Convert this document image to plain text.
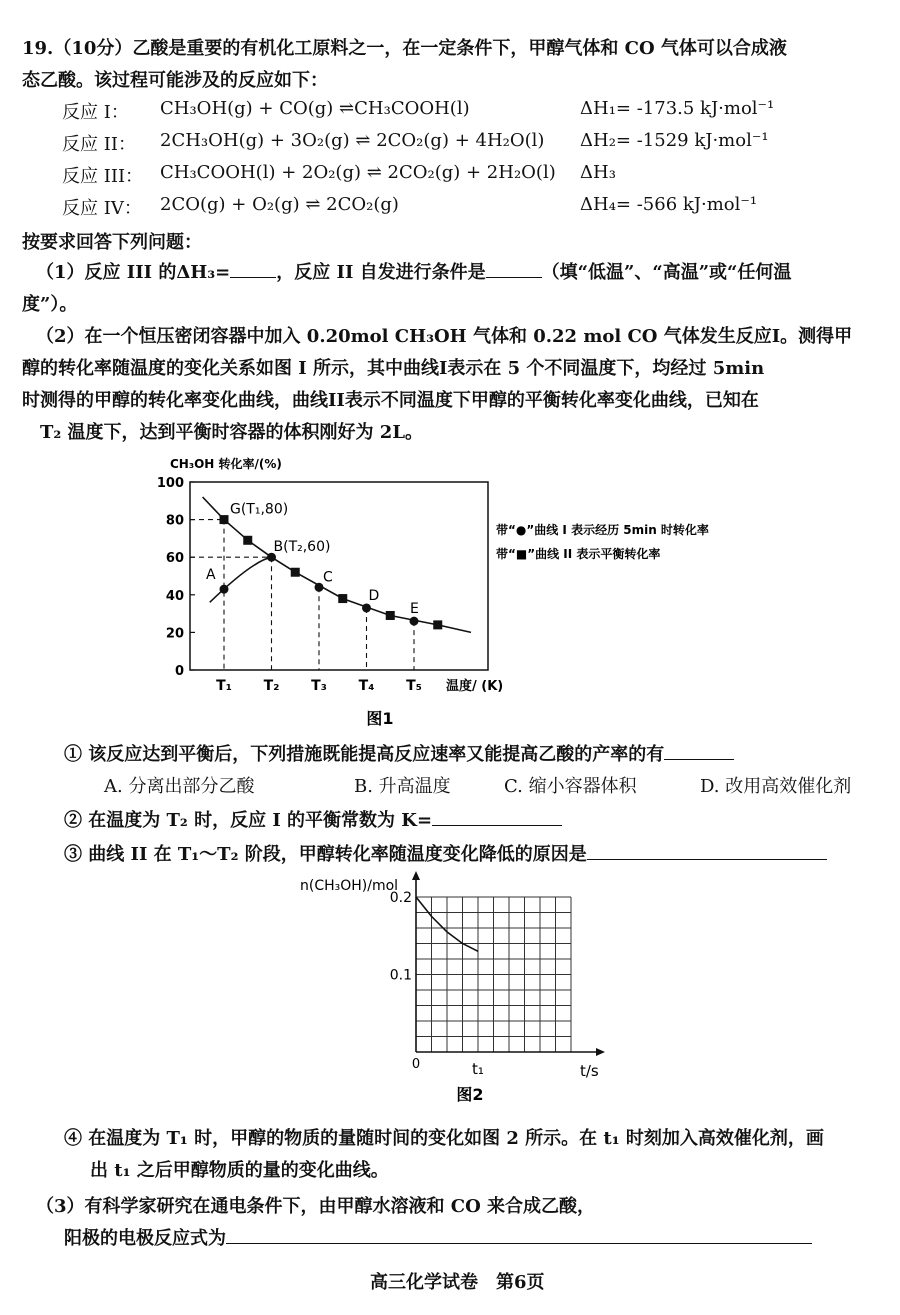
19.（10分）乙酸是重要的有机化工原料之一，在一定条件下，甲醇气体和 CO 气体可以合成液
态乙酸。该过程可能涉及的反应如下：
反应 I： CH₃OH(g) + CO(g) ⇌CH₃COOH(l)	ΔH₁= -173.5 kJ·mol⁻¹
反应 II： 2CH₃OH(g) + 3O₂(g) ⇌ 2CO₂(g) + 4H₂O(l) ΔH₂= -1529 kJ·mol⁻¹
反应 III： CH₃COOH(l) + 2O₂(g) ⇌ 2CO₂(g) + 2H₂O(l) ΔH₃
反应 IV： 2CO(g) + O₂(g) ⇌ 2CO₂(g)	ΔH₄= -566 kJ·mol⁻¹
按要求回答下列问题：
（1）反应 III 的ΔH₃=	，反应 II 自发进行条件是	（填“低温”、“高温”或“任何温
度”）。
（2）在一个恒压密闭容器中加入 0.20mol CH₃OH 气体和 0.22 mol CO 气体发生反应I。测得甲
醇的转化率随温度的变化关系如图 I 所示，其中曲线I表示在 5 个不同温度下，均经过 5min
时测得的甲醇的转化率变化曲线，曲线II表示不同温度下甲醇的平衡转化率变化曲线，已知在
T₂ 温度下，达到平衡时容器的体积刚好为 2L。
CH₃OH 转化率/(%)
温度/ (K)
0
20
40
60
80
100
T₁ T₂ T₃ T₄ T₅
A
B(T₂,60)
C
D
E
G(T₁,80)
带“●”曲线 I 表示经历 5min 时转化率
带“■”曲线 II 表示平衡转化率
图1
① 该反应达到平衡后，下列措施既能提高反应速率又能提高乙酸的产率的有
A. 分离出部分乙酸	B. 升高温度	C. 缩小容器体积	D. 改用高效催化剂
② 在温度为 T₂ 时，反应 I 的平衡常数为 K=
③ 曲线 II 在 T₁～T₂ 阶段，甲醇转化率随温度变化降低的原因是
n(CH₃OH)/mol
t/s
0.1
0.2
0	t₁
图2
④ 在温度为 T₁ 时，甲醇的物质的量随时间的变化如图 2 所示。在 t₁ 时刻加入高效催化剂，画
出 t₁ 之后甲醇物质的量的变化曲线。
（3）有科学家研究在通电条件下，由甲醇水溶液和 CO 来合成乙酸，
阳极的电极反应式为
高三化学试卷　第6页
